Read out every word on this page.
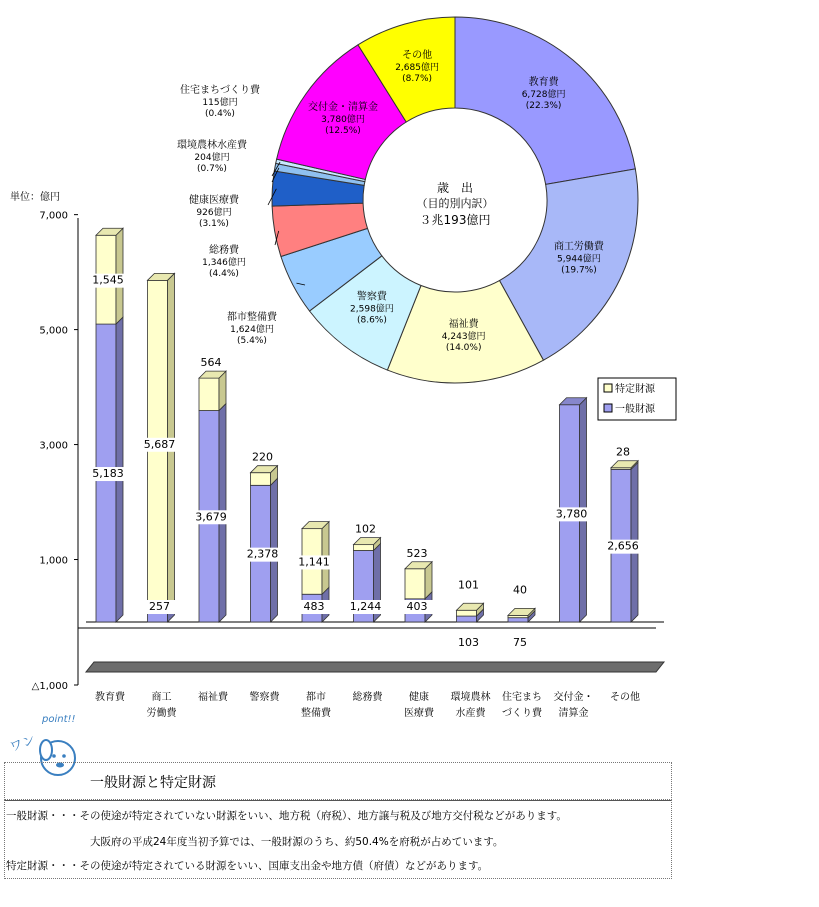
7,000
5,000
3,000
1,000
△1,000
単位：億円
5,183
1,545
教育費
257
5,687
商工
労働費
3,679
564
福祉費
2,378
220
警察費
483
1,141
都市
整備費
1,244
102
総務費
403
523
健康
医療費
101
103
環境農林
水産費
40
75
住宅まち
づくり費
3,780
交付金・
清算金
2,656
28
その他
特定財源
一般財源
教育費
6,728億円
(22.3%)
商工労働費
5,944億円
(19.7%)
福祉費
4,243億円
(14.0%)
警察費
2,598億円
(8.6%)
都市整備費
1,624億円
(5.4%)
総務費
1,346億円
(4.4%)
健康医療費
926億円
(3.1%)
環境農林水産費
204億円
(0.7%)
住宅まちづくり費
115億円
(0.4%)
交付金・清算金
3,780億円
(12.5%)
その他
2,685億円
(8.7%)
歳　出
（目的別内訳）
３兆193億円
ワン
point!!
一般財源と特定財源
一般財源・・・その使途が特定されていない財源をいい、地方税（府税）、地方譲与税及び地方交付税などがあります。
大阪府の平成24年度当初予算では、一般財源のうち、約50.4%を府税が占めています。
特定財源・・・その使途が特定されている財源をいい、国庫支出金や地方債（府債）などがあります。
